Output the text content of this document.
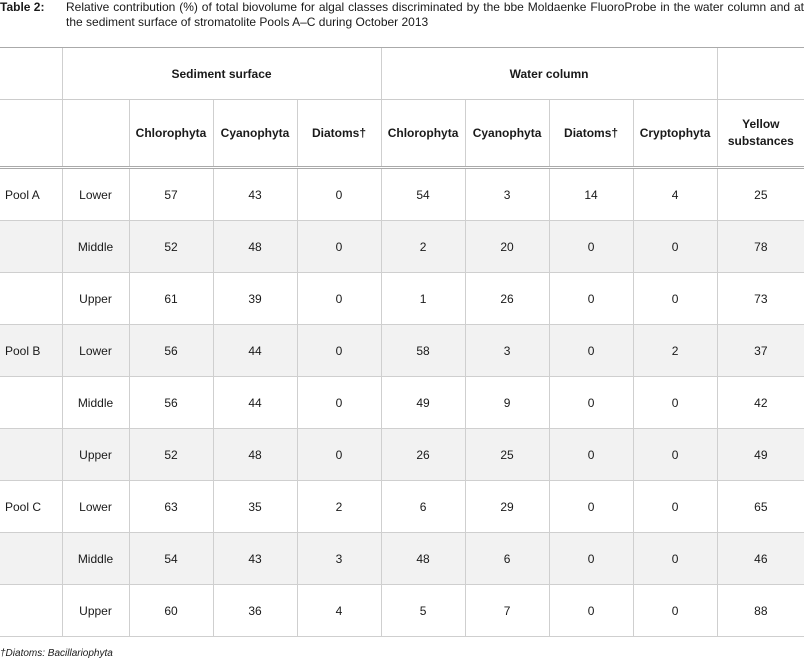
Table 2: Relative contribution (%) of total biovolume for algal classes discriminated by the bbe Moldaenke FluoroProbe in the water column and at the sediment surface of stromatolite Pools A–C during October 2013
	Sediment surface				Water column				
		Chlorophyta	Cyanophyta	Diatoms†	Chlorophyta	Cyanophyta	Diatoms†	Cryptophyta	Yellow substances
Pool A	Lower	57	43	0	54	3	14	4	25
	Middle	52	48	0	2	20	0	0	78
	Upper	61	39	0	1	26	0	0	73
Pool B	Lower	56	44	0	58	3	0	2	37
	Middle	56	44	0	49	9	0	0	42
	Upper	52	48	0	26	25	0	0	49
Pool C	Lower	63	35	2	6	29	0	0	65
	Middle	54	43	3	48	6	0	0	46
	Upper	60	36	4	5	7	0	0	88
†Diatoms: Bacillariophyta
